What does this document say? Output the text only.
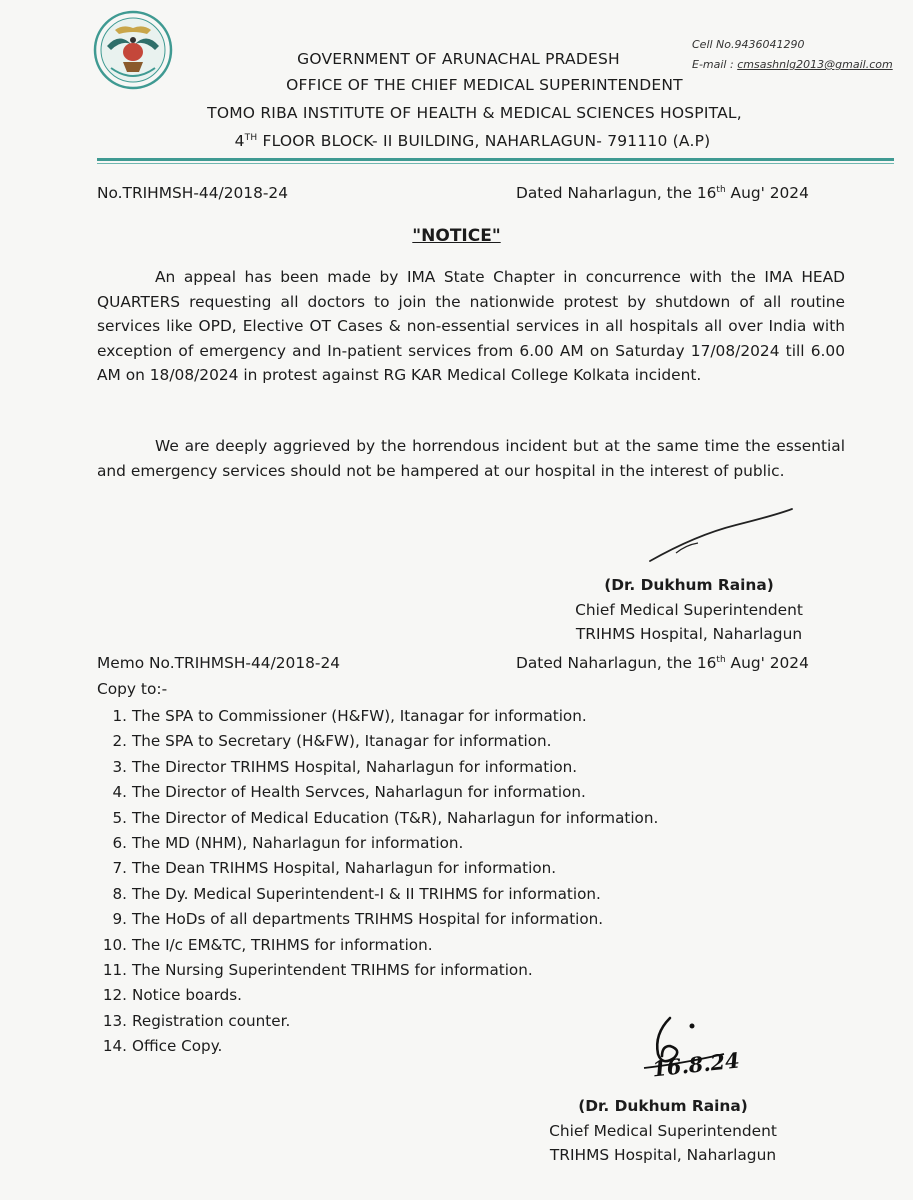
Cell No.9436041290
E-mail : cmsashnlg2013@gmail.com
GOVERNMENT OF ARUNACHAL PRADESH
OFFICE OF THE CHIEF MEDICAL SUPERINTENDENT
TOMO RIBA INSTITUTE OF HEALTH & MEDICAL SCIENCES HOSPITAL,
4TH FLOOR BLOCK- II BUILDING, NAHARLAGUN- 791110 (A.P)
No.TRIHMSH-44/2018-24	Dated Naharlagun, the 16th Aug' 2024
"NOTICE"

An appeal has been made by IMA State Chapter in concurrence with the IMA HEAD QUARTERS requesting all doctors to join the nationwide protest by shutdown of all routine services like OPD, Elective OT Cases & non-essential services in all hospitals all over India with exception of emergency and In-patient services from 6.00 AM on Saturday 17/08/2024 till 6.00 AM on 18/08/2024 in protest against RG KAR Medical College Kolkata incident.

We are deeply aggrieved by the horrendous incident but at the same time the essential and emergency services should not be hampered at our hospital in the interest of public.

(Dr. Dukhum Raina)
Chief Medical Superintendent
TRIHMS Hospital, Naharlagun
Memo No.TRIHMSH-44/2018-24	Dated Naharlagun, the 16th Aug' 2024
Copy to:-
1. The SPA to Commissioner (H&FW), Itanagar for information.
2. The SPA to Secretary (H&FW), Itanagar for information.
3. The Director TRIHMS Hospital, Naharlagun for information.
4. The Director of Health Servces, Naharlagun for information.
5. The Director of Medical Education (T&R), Naharlagun for information.
6. The MD (NHM), Naharlagun for information.
7. The Dean TRIHMS Hospital, Naharlagun for information.
8. The Dy. Medical Superintendent-I & II TRIHMS for information.
9. The HoDs of all departments TRIHMS Hospital for information.
10. The I/c EM&TC, TRIHMS for information.
11. The Nursing Superintendent TRIHMS for information.
12. Notice boards.
13. Registration counter.
14. Office Copy.
16.8.24
(Dr. Dukhum Raina)
Chief Medical Superintendent
TRIHMS Hospital, Naharlagun
